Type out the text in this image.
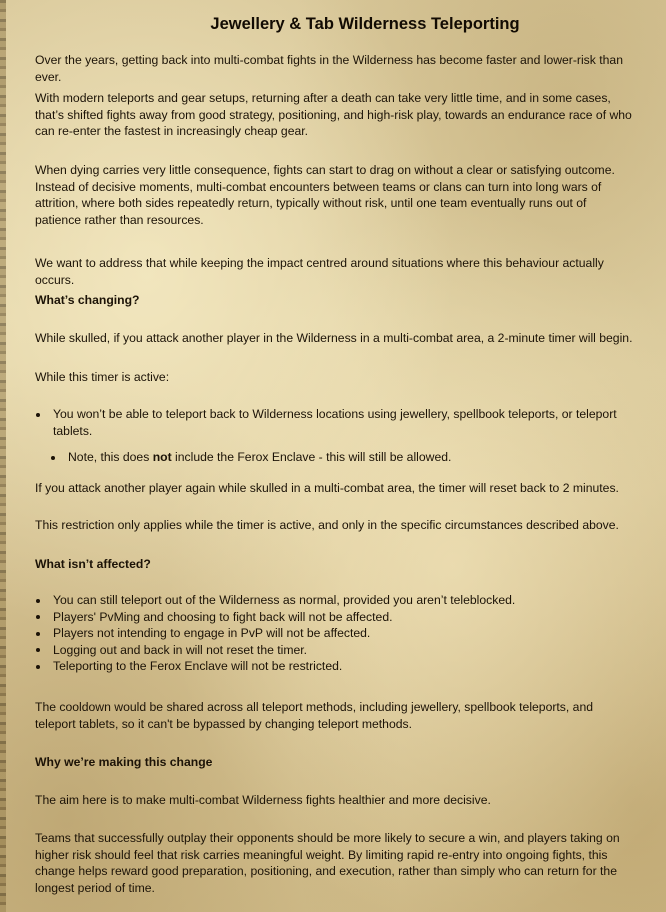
Jewellery & Tab Wilderness Teleporting

Over the years, getting back into multi-combat fights in the Wilderness has become faster and lower-risk than ever.

With modern teleports and gear setups, returning after a death can take very little time, and in some cases, that’s shifted fights away from good strategy, positioning, and high-risk play, towards an endurance race of who can re-enter the fastest in increasingly cheap gear.

When dying carries very little consequence, fights can start to drag on without a clear or satisfying outcome. Instead of decisive moments, multi-combat encounters between teams or clans can turn into long wars of attrition, where both sides repeatedly return, typically without risk, until one team eventually runs out of patience rather than resources.

We want to address that while keeping the impact centred around situations where this behaviour actually occurs.

What’s changing?

While skulled, if you attack another player in the Wilderness in a multi-combat area, a 2-minute timer will begin.

While this timer is active:

You won’t be able to teleport back to Wilderness locations using jewellery, spellbook teleports, or teleport tablets.
Note, this does not include the Ferox Enclave - this will still be allowed.

If you attack another player again while skulled in a multi-combat area, the timer will reset back to 2 minutes.

This restriction only applies while the timer is active, and only in the specific circumstances described above.

What isn’t affected?

You can still teleport out of the Wilderness as normal, provided you aren’t teleblocked.
Players' PvMing and choosing to fight back will not be affected.
Players not intending to engage in PvP will not be affected.
Logging out and back in will not reset the timer.
Teleporting to the Ferox Enclave will not be restricted.

The cooldown would be shared across all teleport methods, including jewellery, spellbook teleports, and teleport tablets, so it can't be bypassed by changing teleport methods.

Why we’re making this change

The aim here is to make multi-combat Wilderness fights healthier and more decisive.

Teams that successfully outplay their opponents should be more likely to secure a win, and players taking on higher risk should feel that risk carries meaningful weight. By limiting rapid re-entry into ongoing fights, this change helps reward good preparation, positioning, and execution, rather than simply who can return for the longest period of time.
